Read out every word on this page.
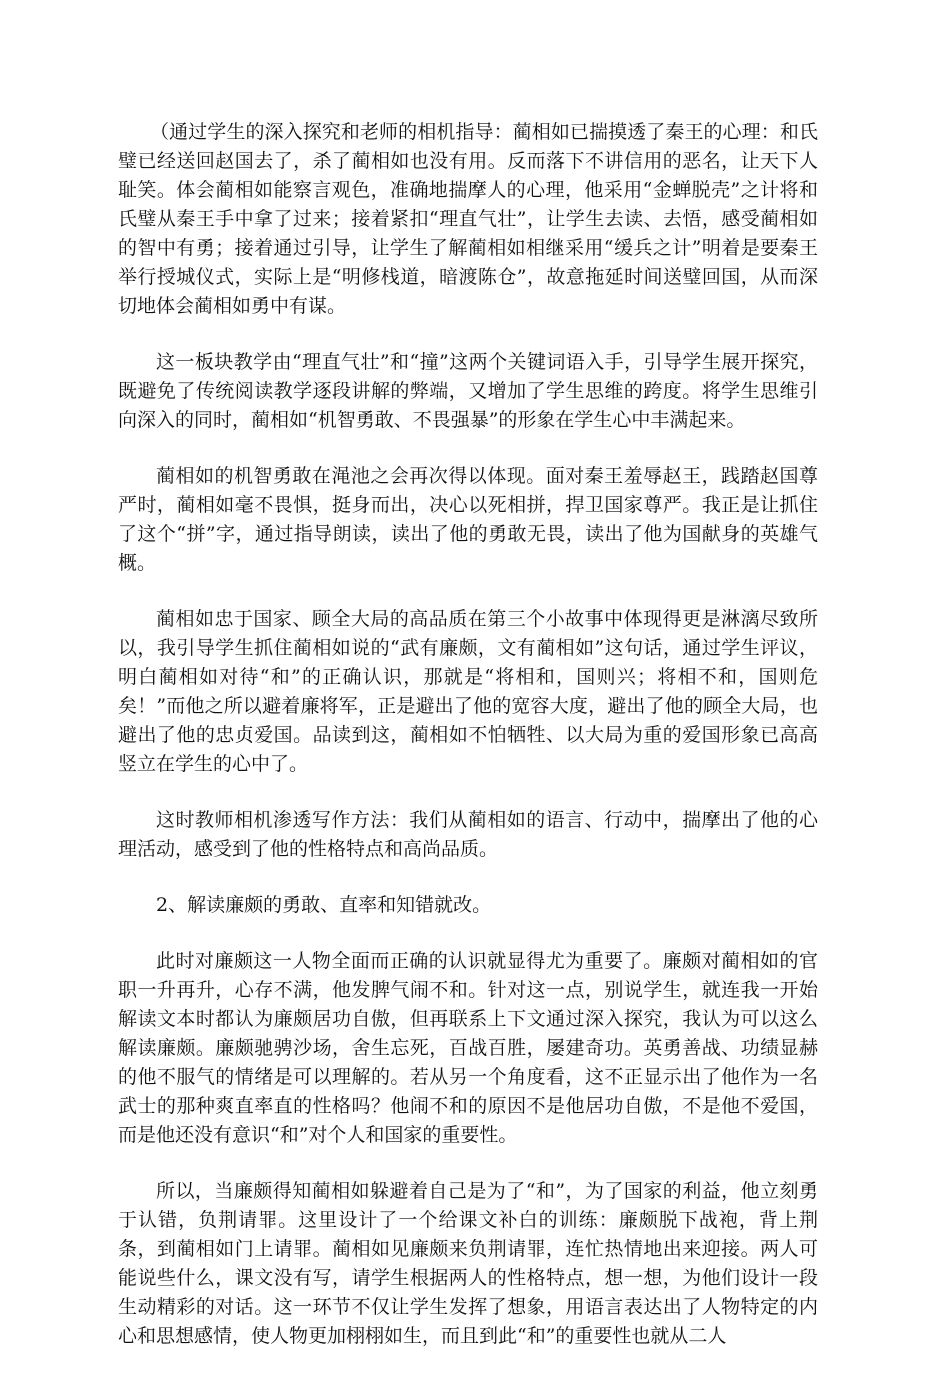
（通过学生的深入探究和老师的相机指导：蔺相如已揣摸透了秦王的心理：和氏璧已经送回赵国去了，杀了蔺相如也没有用。反而落下不讲信用的恶名，让天下人耻笑。体会蔺相如能察言观色，准确地揣摩人的心理，他采用“金蝉脱壳”之计将和氏璧从秦王手中拿了过来；接着紧扣“理直气壮”，让学生去读、去悟，感受蔺相如的智中有勇；接着通过引导，让学生了解蔺相如相继采用“缓兵之计”明着是要秦王举行授城仪式，实际上是“明修栈道，暗渡陈仓”，故意拖延时间送璧回国，从而深切地体会蔺相如勇中有谋。

这一板块教学由“理直气壮”和“撞”这两个关键词语入手，引导学生展开探究，既避免了传统阅读教学逐段讲解的弊端，又增加了学生思维的跨度。将学生思维引向深入的同时，蔺相如“机智勇敢、不畏强暴”的形象在学生心中丰满起来。

蔺相如的机智勇敢在渑池之会再次得以体现。面对秦王羞辱赵王，践踏赵国尊严时，蔺相如毫不畏惧，挺身而出，决心以死相拼，捍卫国家尊严。我正是让抓住了这个“拼”字，通过指导朗读，读出了他的勇敢无畏，读出了他为国献身的英雄气概。

蔺相如忠于国家、顾全大局的高品质在第三个小故事中体现得更是淋漓尽致所以，我引导学生抓住蔺相如说的“武有廉颇，文有蔺相如”这句话，通过学生评议，明白蔺相如对待“和”的正确认识，那就是“将相和，国则兴；将相不和，国则危矣！”而他之所以避着廉将军，正是避出了他的宽容大度，避出了他的顾全大局，也避出了他的忠贞爱国。品读到这，蔺相如不怕牺牲、以大局为重的爱国形象已高高竖立在学生的心中了。

这时教师相机渗透写作方法：我们从蔺相如的语言、行动中，揣摩出了他的心理活动，感受到了他的性格特点和高尚品质。

2、解读廉颇的勇敢、直率和知错就改。

此时对廉颇这一人物全面而正确的认识就显得尤为重要了。廉颇对蔺相如的官职一升再升，心存不满，他发脾气闹不和。针对这一点，别说学生，就连我一开始解读文本时都认为廉颇居功自傲，但再联系上下文通过深入探究，我认为可以这么解读廉颇。廉颇驰骋沙场，舍生忘死，百战百胜，屡建奇功。英勇善战、功绩显赫的他不服气的情绪是可以理解的。若从另一个角度看，这不正显示出了他作为一名武士的那种爽直率直的性格吗？他闹不和的原因不是他居功自傲，不是他不爱国，而是他还没有意识“和”对个人和国家的重要性。

所以，当廉颇得知蔺相如躲避着自己是为了“和”，为了国家的利益，他立刻勇于认错，负荆请罪。这里设计了一个给课文补白的训练：廉颇脱下战袍，背上荆条，到蔺相如门上请罪。蔺相如见廉颇来负荆请罪，连忙热情地出来迎接。两人可能说些什么，课文没有写，请学生根据两人的性格特点，想一想，为他们设计一段生动精彩的对话。这一环节不仅让学生发挥了想象，用语言表达出了人物特定的内心和思想感情，使人物更加栩栩如生，而且到此“和”的重要性也就从二人
